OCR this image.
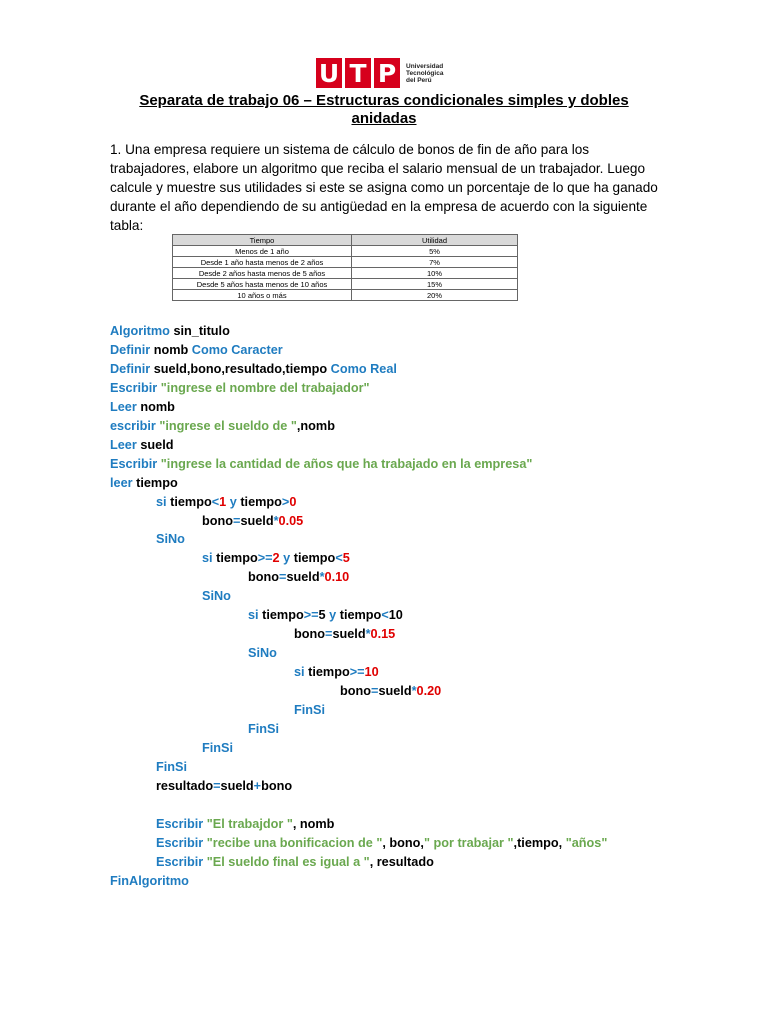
U T P	Universidad
Tecnológica
del Perú
Separata de trabajo 06 – Estructuras condicionales simples y dobles
anidadas
1. Una empresa requiere un sistema de cálculo de bonos de fin de año para los trabajadores, elabore un algoritmo que reciba el salario mensual de un trabajador. Luego calcule y muestre sus utilidades si este se asigna como un porcentaje de lo que ha ganado durante el año dependiendo de su antigüedad en la empresa de acuerdo con la siguiente tabla:
Tiempo	Utilidad
Menos de 1 año	5%
Desde 1 año hasta menos de 2 años	7%
Desde 2 años hasta menos de 5 años	10%
Desde 5 años hasta menos de 10 años	15%
10 años o más	20%
Algoritmo sin_titulo
Definir nomb Como Caracter
Definir sueld,bono,resultado,tiempo Como Real
Escribir "ingrese el nombre del trabajador"
Leer nomb
escribir "ingrese el sueldo de ",nomb
Leer sueld
Escribir "ingrese la cantidad de años que ha trabajado en la empresa"
leer tiempo
si tiempo<1 y tiempo>0
bono=sueld*0.05
SiNo
si tiempo>=2 y tiempo<5
bono=sueld*0.10
SiNo
si tiempo>=5 y tiempo<10
bono=sueld*0.15
SiNo
si tiempo>=10
bono=sueld*0.20
FinSi
FinSi
FinSi
FinSi
resultado=sueld+bono
Escribir "El trabajdor ", nomb
Escribir "recibe una bonificacion de ", bono," por trabajar ",tiempo, "años"
Escribir "El sueldo final es igual a ", resultado
FinAlgoritmo
